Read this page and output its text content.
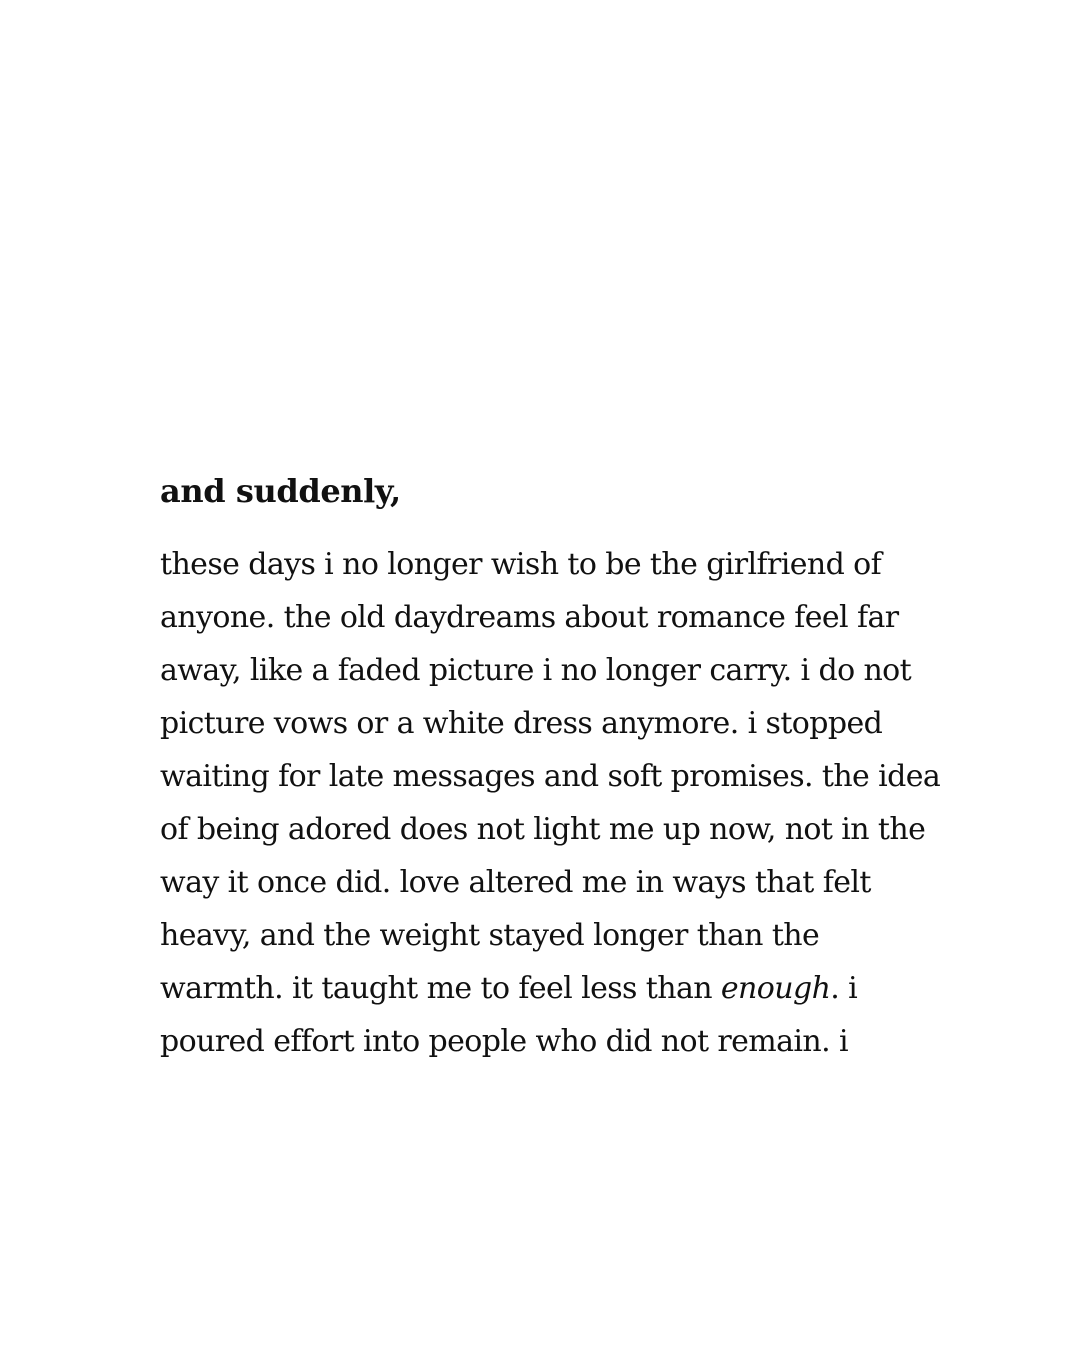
and suddenly,
these days i no longer wish to be the girlfriend of
anyone. the old daydreams about romance feel far
away, like a faded picture i no longer carry. i do not
picture vows or a white dress anymore. i stopped
waiting for late messages and soft promises. the idea
of being adored does not light me up now, not in the
way it once did. love altered me in ways that felt
heavy, and the weight stayed longer than the
warmth. it taught me to feel less than enough. i
poured effort into people who did not remain. i
